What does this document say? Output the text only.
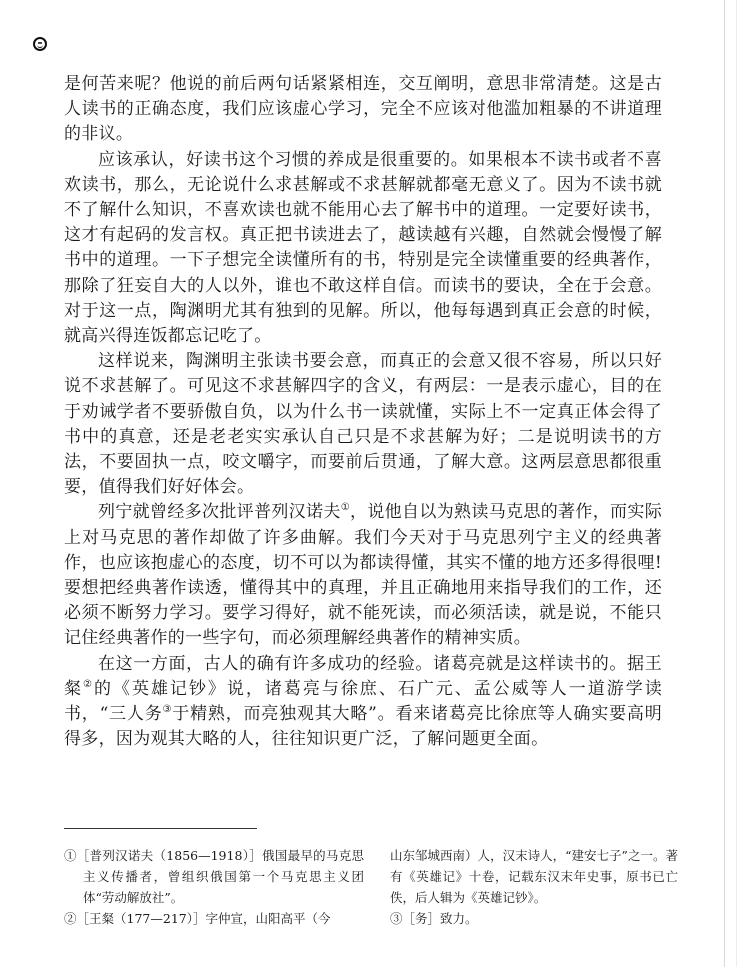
是何苦来呢？他说的前后两句话紧紧相连，交互阐明，意思非常清楚。这是古人读书的正确态度，我们应该虚心学习，完全不应该对他滥加粗暴的不讲道理的非议。

应该承认，好读书这个习惯的养成是很重要的。如果根本不读书或者不喜欢读书，那么，无论说什么求甚解或不求甚解就都毫无意义了。因为不读书就不了解什么知识，不喜欢读也就不能用心去了解书中的道理。一定要好读书，这才有起码的发言权。真正把书读进去了，越读越有兴趣，自然就会慢慢了解书中的道理。一下子想完全读懂所有的书，特别是完全读懂重要的经典著作，那除了狂妄自大的人以外，谁也不敢这样自信。而读书的要诀，全在于会意。对于这一点，陶渊明尤其有独到的见解。所以，他每每遇到真正会意的时候，就高兴得连饭都忘记吃了。

这样说来，陶渊明主张读书要会意，而真正的会意又很不容易，所以只好说不求甚解了。可见这不求甚解四字的含义，有两层：一是表示虚心，目的在于劝诫学者不要骄傲自负，以为什么书一读就懂，实际上不一定真正体会得了书中的真意，还是老老实实承认自己只是不求甚解为好；二是说明读书的方法，不要固执一点，咬文嚼字，而要前后贯通，了解大意。这两层意思都很重要，值得我们好好体会。

列宁就曾经多次批评普列汉诺夫①，说他自以为熟读马克思的著作，而实际上对马克思的著作却做了许多曲解。我们今天对于马克思列宁主义的经典著作，也应该抱虚心的态度，切不可以为都读得懂，其实不懂的地方还多得很哩!要想把经典著作读透，懂得其中的真理，并且正确地用来指导我们的工作，还必须不断努力学习。要学习得好，就不能死读，而必须活读，就是说，不能只记住经典著作的一些字句，而必须理解经典著作的精神实质。

在这一方面，古人的确有许多成功的经验。诸葛亮就是这样读书的。据王粲②的《英雄记钞》说，诸葛亮与徐庶、石广元、孟公威等人一道游学读书，“三人务③于精熟，而亮独观其大略”。看来诸葛亮比徐庶等人确实要高明得多，因为观其大略的人，往往知识更广泛，了解问题更全面。

①［普列汉诺夫（1856—1918）］俄国最早的马克思主义传播者，曾组织俄国第一个马克思主义团体“劳动解放社”。

②［王粲（177—217）］字仲宣，山阳高平（今

山东邹城西南）人，汉末诗人，“建安七子”之一。著有《英雄记》十卷，记载东汉末年史事，原书已亡佚，后人辑为《英雄记钞》。

③［务］致力。
